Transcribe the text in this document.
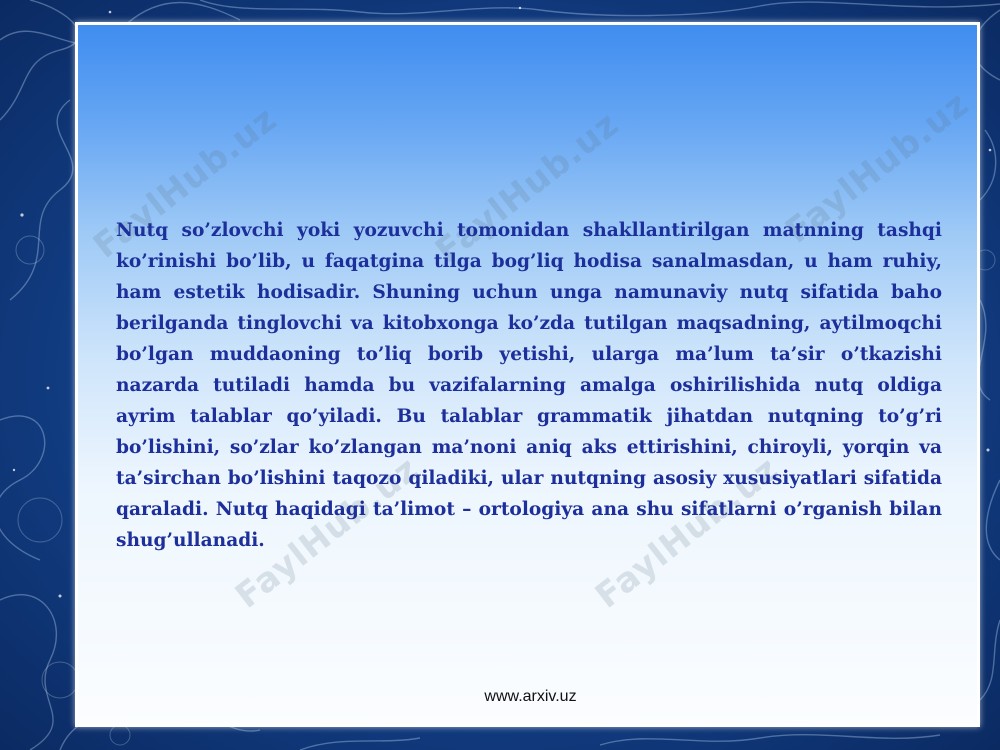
FaylHub.uz	FaylHub.uz	FaylHub.uz
FaylHub.uz	FaylHub.uz

Nutq so’zlovchi yoki yozuvchi tomonidan shakllantirilgan matnning tashqi ko’rinishi bo’lib, u faqatgina tilga bog’liq hodisa sanalmasdan, u ham ruhiy, ham estetik hodisadir. Shuning uchun unga namunaviy nutq sifatida baho berilganda tinglovchi va kitobxonga ko’zda tutilgan maqsadning, aytilmoqchi bo’lgan muddaoning to’liq borib yetishi, ularga ma’lum ta’sir o’tkazishi nazarda tutiladi hamda bu vazifalarning amalga oshirilishida nutq oldiga ayrim talablar qo’yiladi. Bu talablar grammatik jihatdan nutqning to’g’ri bo’lishini, so’zlar ko’zlangan ma’noni aniq aks ettirishini, chiroyli, yorqin va ta’sirchan bo’lishini taqozo qiladiki, ular nutqning asosiy xususiyatlari sifatida qaraladi. Nutq haqidagi ta’limot – ortologiya ana shu sifatlarni o’rganish bilan shug’ullanadi.

www.arxiv.uz
